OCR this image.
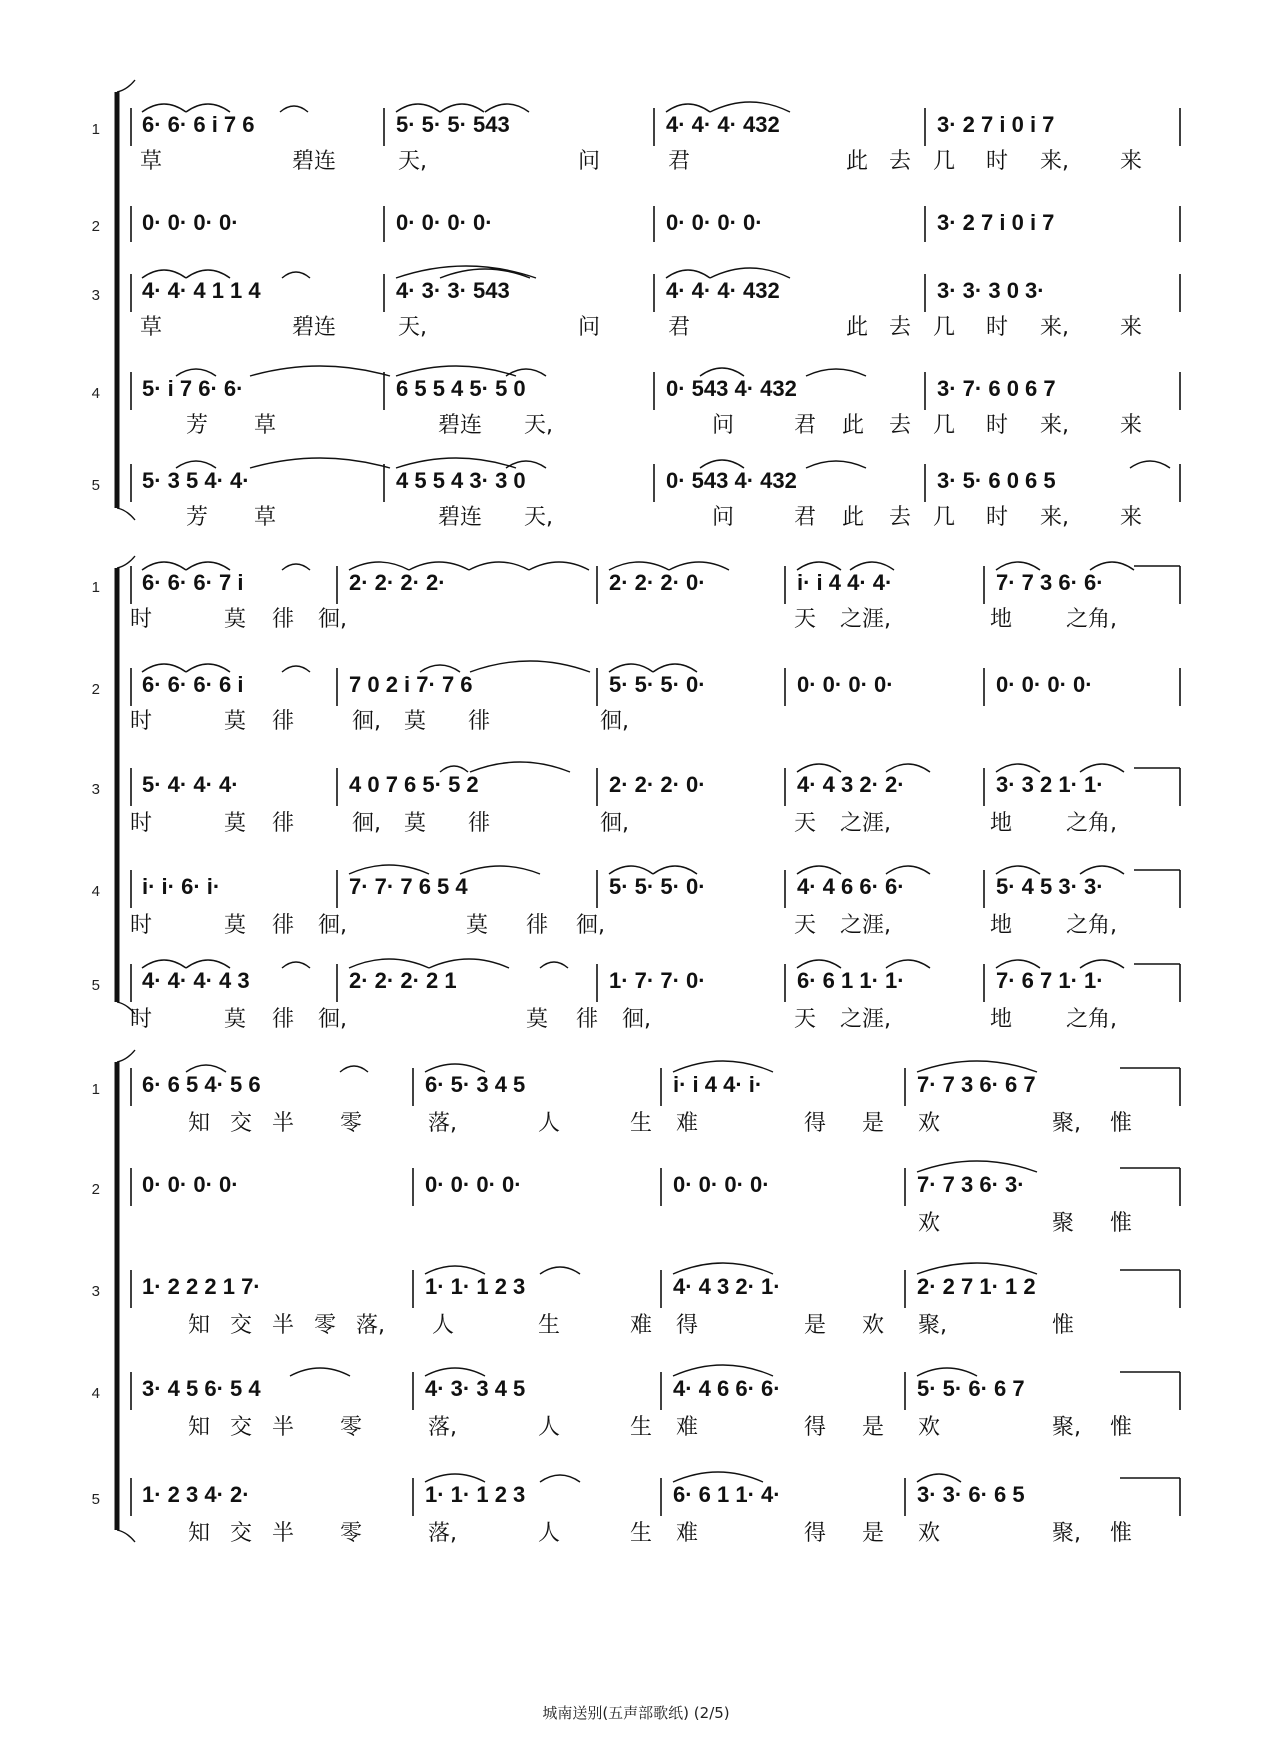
1 6· 6· 6 i 7 6	5· 5· 5· 543	4· 4· 4· 432	3· 2 7 i 0 i 7
草	碧连	天,	问	君	此 去 几 时 来, 来
2 0· 0· 0· 0·	0· 0· 0· 0·	0· 0· 0· 0·	3· 2 7 i 0 i 7
3 4· 4· 4 1 1 4	4· 3· 3· 543	4· 4· 4· 432	3· 3· 3 0 3·
草	碧连	天,	问	君	此 去 几 时 来, 来
4 5· i 7 6· 6·	6 5 5 4 5· 5 0	0· 543 4· 432	3· 7· 6 0 6 7
芳 草	碧连 天,	问	君 此 去 几 时 来, 来
5 5· 3 5 4· 4·	4 5 5 4 3· 3 0	0· 543 4· 432	3· 5· 6 0 6 5
芳 草	碧连 天,	问	君 此 去 几 时 来, 来
1 6· 6· 6· 7 i	2· 2· 2· 2·	2· 2· 2· 0·	i· i 4 4· 4·	7· 7 3 6· 6·
时	莫 徘 徊,	天 之涯,	地 之角,
2 6· 6· 6· 6 i	7 0 2 i 7· 7 6	5· 5· 5· 0·	0· 0· 0· 0·	0· 0· 0· 0·
时	莫 徘	徊, 莫 徘	徊,
3 5· 4· 4· 4·	4 0 7 6 5· 5 2	2· 2· 2· 0·	4· 4 3 2· 2·	3· 3 2 1· 1·
时	莫 徘	徊, 莫 徘	徊,	天 之涯,	地 之角,
4 i· i· 6· i·	7· 7· 7 6 5 4	5· 5· 5· 0·	4· 4 6 6· 6·	5· 4 5 3· 3·
时	莫 徘 徊,	莫 徘 徊,	天 之涯,	地 之角,
5 4· 4· 4· 4 3	2· 2· 2· 2 1	1· 7· 7· 0·	6· 6 1 1· 1·	7· 6 7 1· 1·
时	莫 徘 徊,	莫 徘 徊,	天 之涯,	地 之角,
1 6· 6 5 4· 5 6	6· 5· 3 4 5	i· i 4 4· i·	7· 7 3 6· 6 7
知 交 半 零	落,	人	生 难	得 是 欢	聚, 惟
2 0· 0· 0· 0·	0· 0· 0· 0·	0· 0· 0· 0·	7· 7 3 6· 3·
欢	聚 惟
3 1· 2 2 2 1 7·	1· 1· 1 2 3	4· 4 3 2· 1·	2· 2 7 1· 1 2
知 交 半 零 落, 人	生	难 得	是 欢 聚,	惟
4 3· 4 5 6· 5 4	4· 3· 3 4 5	4· 4 6 6· 6·	5· 5· 6· 6 7
知 交 半 零	落,	人	生 难	得 是 欢	聚, 惟
5 1· 2 3 4· 2·	1· 1· 1 2 3	6· 6 1 1· 4·	3· 3· 6· 6 5
知 交 半 零	落,	人	生 难	得 是 欢	聚, 惟
城南送别(五声部歌纸) (2/5)
